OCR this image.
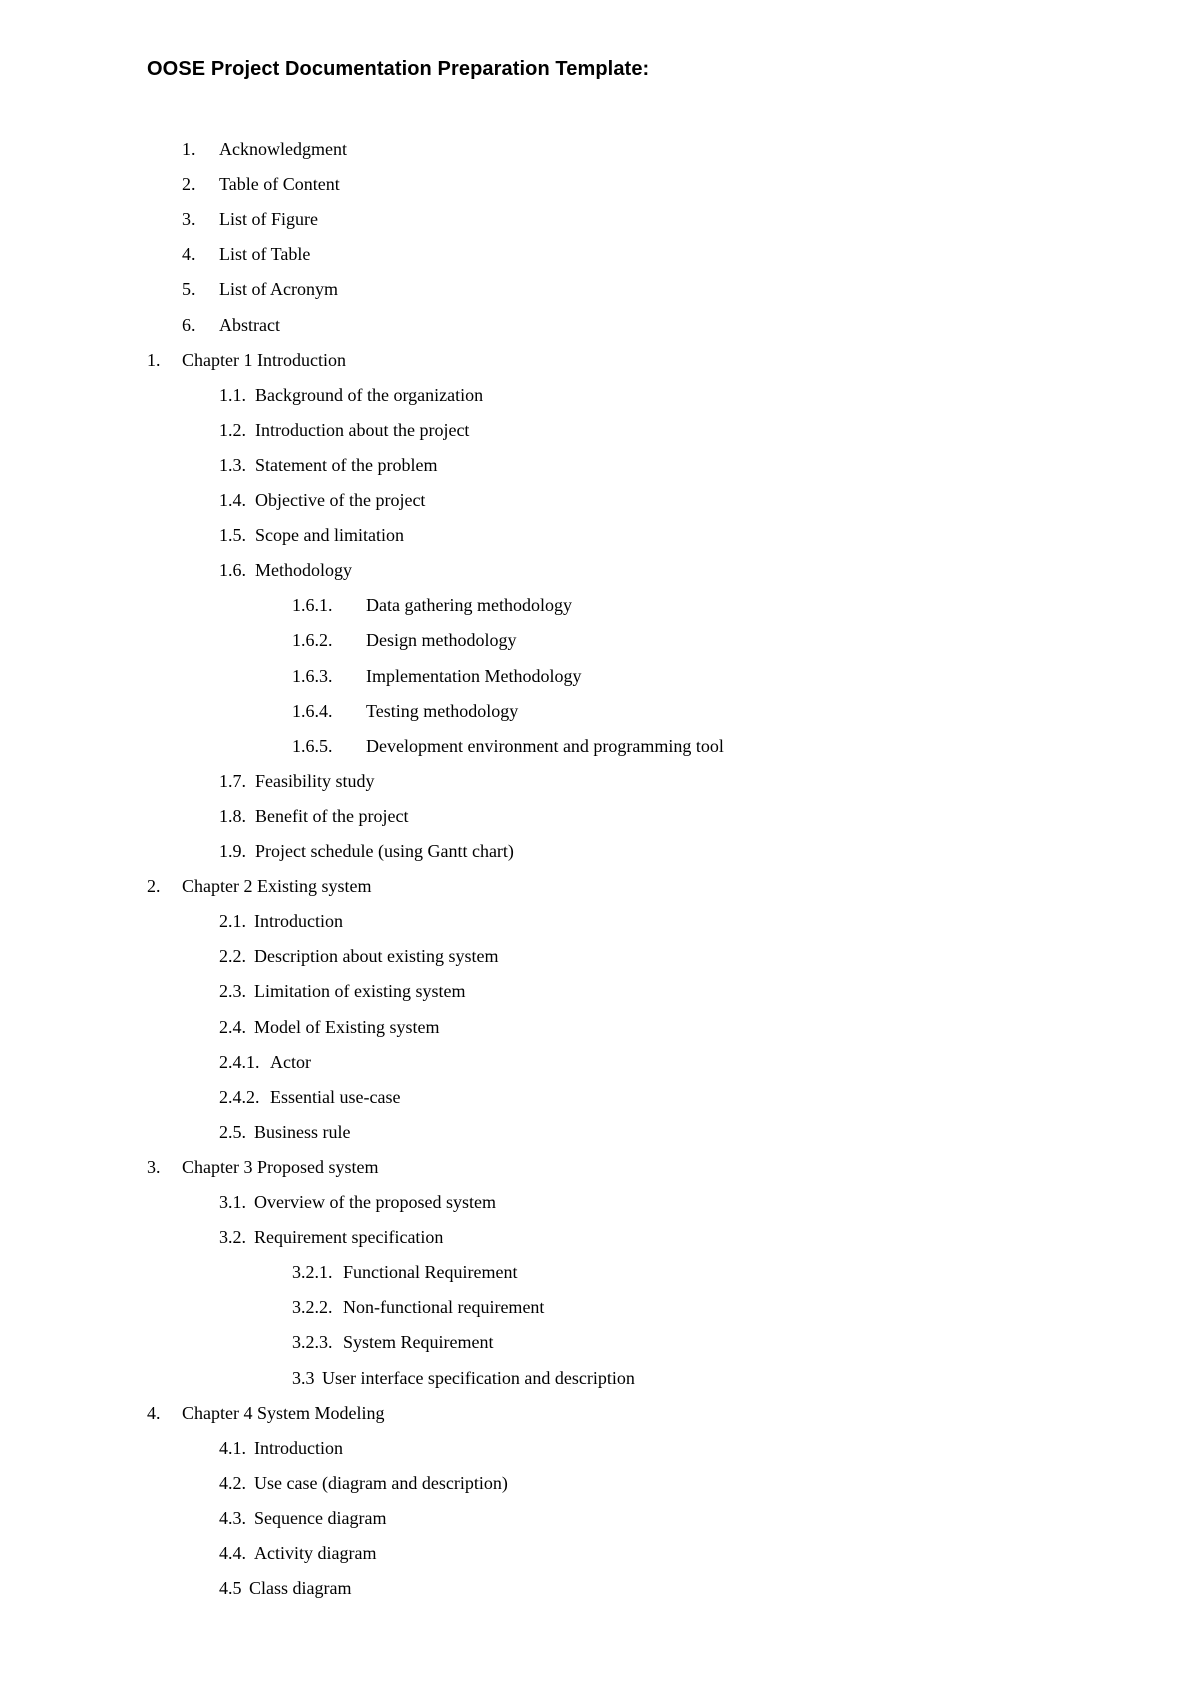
OOSE Project Documentation Preparation Template:
1. Acknowledgment
2. Table of Content
3. List of Figure
4. List of Table
5. List of Acronym
6. Abstract
1. Chapter 1 Introduction
1.1. Background of the organization
1.2. Introduction about the project
1.3. Statement of the problem
1.4. Objective of the project
1.5. Scope and limitation
1.6. Methodology
1.6.1. Data gathering methodology
1.6.2. Design methodology
1.6.3. Implementation Methodology
1.6.4. Testing methodology
1.6.5. Development environment and programming tool
1.7. Feasibility study
1.8. Benefit of the project
1.9. Project schedule (using Gantt chart)
2. Chapter 2 Existing system
2.1. Introduction
2.2. Description about existing system
2.3. Limitation of existing system
2.4. Model of Existing system
2.4.1. Actor
2.4.2. Essential use-case
2.5. Business rule
3. Chapter 3 Proposed system
3.1. Overview of the proposed system
3.2. Requirement specification
3.2.1. Functional Requirement
3.2.2. Non-functional requirement
3.2.3. System Requirement
3.3 User interface specification and description
4. Chapter 4 System Modeling
4.1. Introduction
4.2. Use case (diagram and description)
4.3. Sequence diagram
4.4. Activity diagram
4.5 Class diagram
